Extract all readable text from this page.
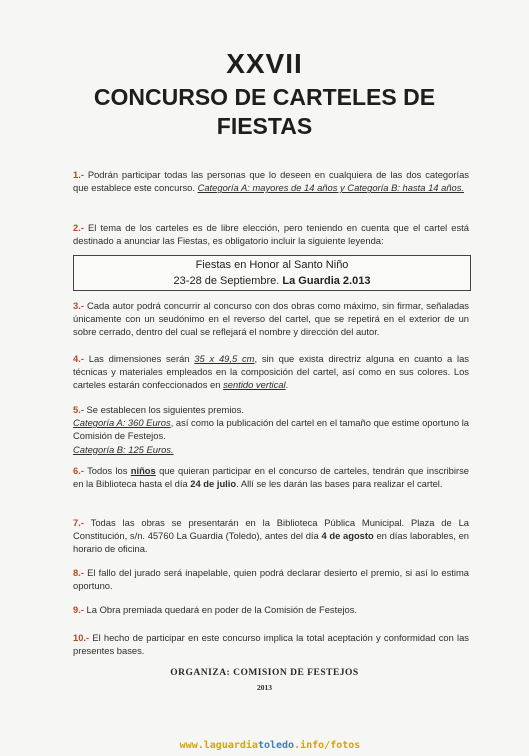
XXVII
CONCURSO DE CARTELES DE
FIESTAS
1.- Podrán participar todas las personas que lo deseen en cualquiera de las dos categorías que establece este concurso. Categoría A: mayores de 14 años y Categoría B: hasta 14 años.
2.- El tema de los carteles es de libre elección, pero teniendo en cuenta que el cartel está destinado a anunciar las Fiestas, es obligatorio incluir la siguiente leyenda:
Fiestas en Honor al Santo Niño
23-28 de Septiembre. La Guardia 2.013
3.- Cada autor podrá concurrir al concurso con dos obras como máximo, sin firmar, señaladas únicamente con un seudónimo en el reverso del cartel, que se repetirá en el exterior de un sobre cerrado, dentro del cual se reflejará el nombre y dirección del autor.
4.- Las dimensiones serán 35 x 49,5 cm, sin que exista directriz alguna en cuanto a las técnicas y materiales empleados en la composición del cartel, así como en sus colores. Los carteles estarán confeccionados en sentido vertical.
5.- Se establecen los siguientes premios.
Categoría A: 360 Euros, así como la publicación del cartel en el tamaño que estime oportuno la Comisión de Festejos.
Categoría B: 125 Euros.
6.- Todos los niños que quieran participar en el concurso de carteles, tendrán que inscribirse en la Biblioteca hasta el día 24 de julio. Allí se les darán las bases para realizar el cartel.
7.- Todas las obras se presentarán en la Biblioteca Pública Municipal. Plaza de La Constitución, s/n. 45760 La Guardia (Toledo), antes del día 4 de agosto en días laborables, en horario de oficina.
8.- El fallo del jurado será inapelable, quien podrá declarar desierto el premio, si así lo estima oportuno.
9.- La Obra premiada quedará en poder de la Comisión de Festejos.
10.- El hecho de participar en este concurso implica la total aceptación y conformidad con las presentes bases.
ORGANIZA: COMISION DE FESTEJOS
2013
www.laguardiatoledo.info/fotos
